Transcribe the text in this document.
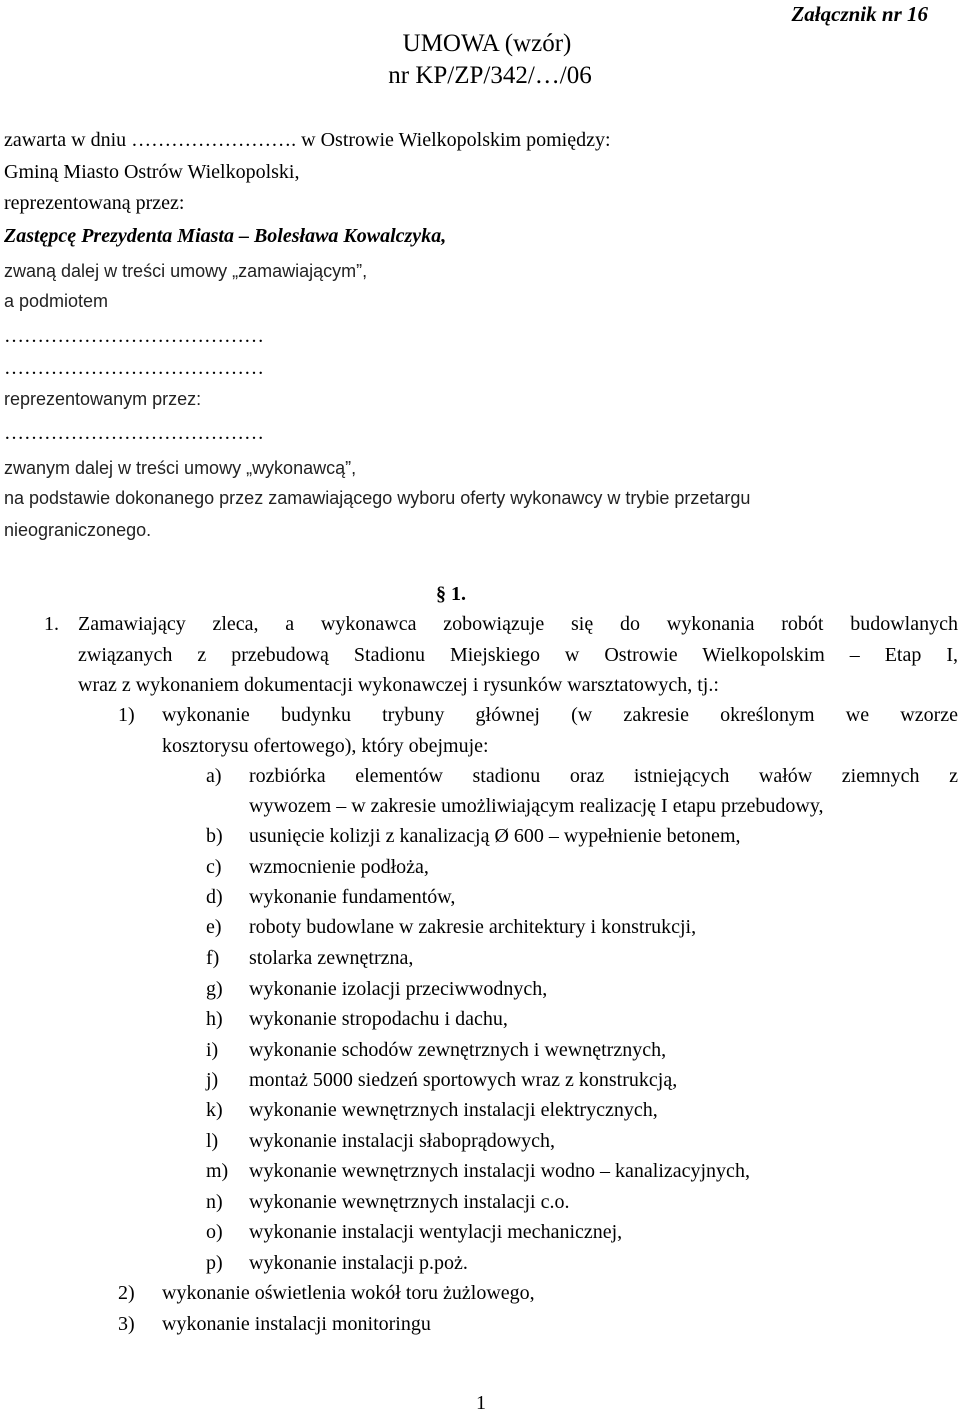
Załącznik nr 16
UMOWA (wzór)
nr KP/ZP/342/…/06
zawarta w dniu ……………………. w Ostrowie Wielkopolskim pomiędzy:
Gminą Miasto Ostrów Wielkopolski,
reprezentowaną przez:
Zastępcę Prezydenta Miasta – Bolesława Kowalczyka,
zwaną dalej w treści umowy „zamawiającym”,
a podmiotem
…………………………………
…………………………………
reprezentowanym przez:
…………………………………
zwanym dalej w treści umowy „wykonawcą”,
na podstawie dokonanego przez zamawiającego wyboru oferty wykonawcy w trybie przetargu
nieograniczonego.
§ 1.
1. Zamawiający zleca, a wykonawca zobowiązuje się do wykonania robót budowlanych
związanych z przebudową Stadionu Miejskiego w Ostrowie Wielkopolskim – Etap I,
wraz z wykonaniem dokumentacji wykonawczej i rysunków warsztatowych, tj.:
1) wykonanie budynku trybuny głównej (w zakresie określonym we wzorze
kosztorysu ofertowego), który obejmuje:
a) rozbiórka elementów stadionu oraz istniejących wałów ziemnych z
wywozem – w zakresie umożliwiającym realizację I etapu przebudowy,
b) usunięcie kolizji z kanalizacją Ø 600 – wypełnienie betonem,
c) wzmocnienie podłoża,
d) wykonanie fundamentów,
e) roboty budowlane w zakresie architektury i konstrukcji,
f) stolarka zewnętrzna,
g) wykonanie izolacji przeciwwodnych,
h) wykonanie stropodachu i dachu,
i) wykonanie schodów zewnętrznych i wewnętrznych,
j) montaż 5000 siedzeń sportowych wraz z konstrukcją,
k) wykonanie wewnętrznych instalacji elektrycznych,
l) wykonanie instalacji słaboprądowych,
m) wykonanie wewnętrznych instalacji wodno – kanalizacyjnych,
n) wykonanie wewnętrznych instalacji c.o.
o) wykonanie instalacji wentylacji mechanicznej,
p) wykonanie instalacji p.poż.
2) wykonanie oświetlenia wokół toru żużlowego,
3) wykonanie instalacji monitoringu
1
